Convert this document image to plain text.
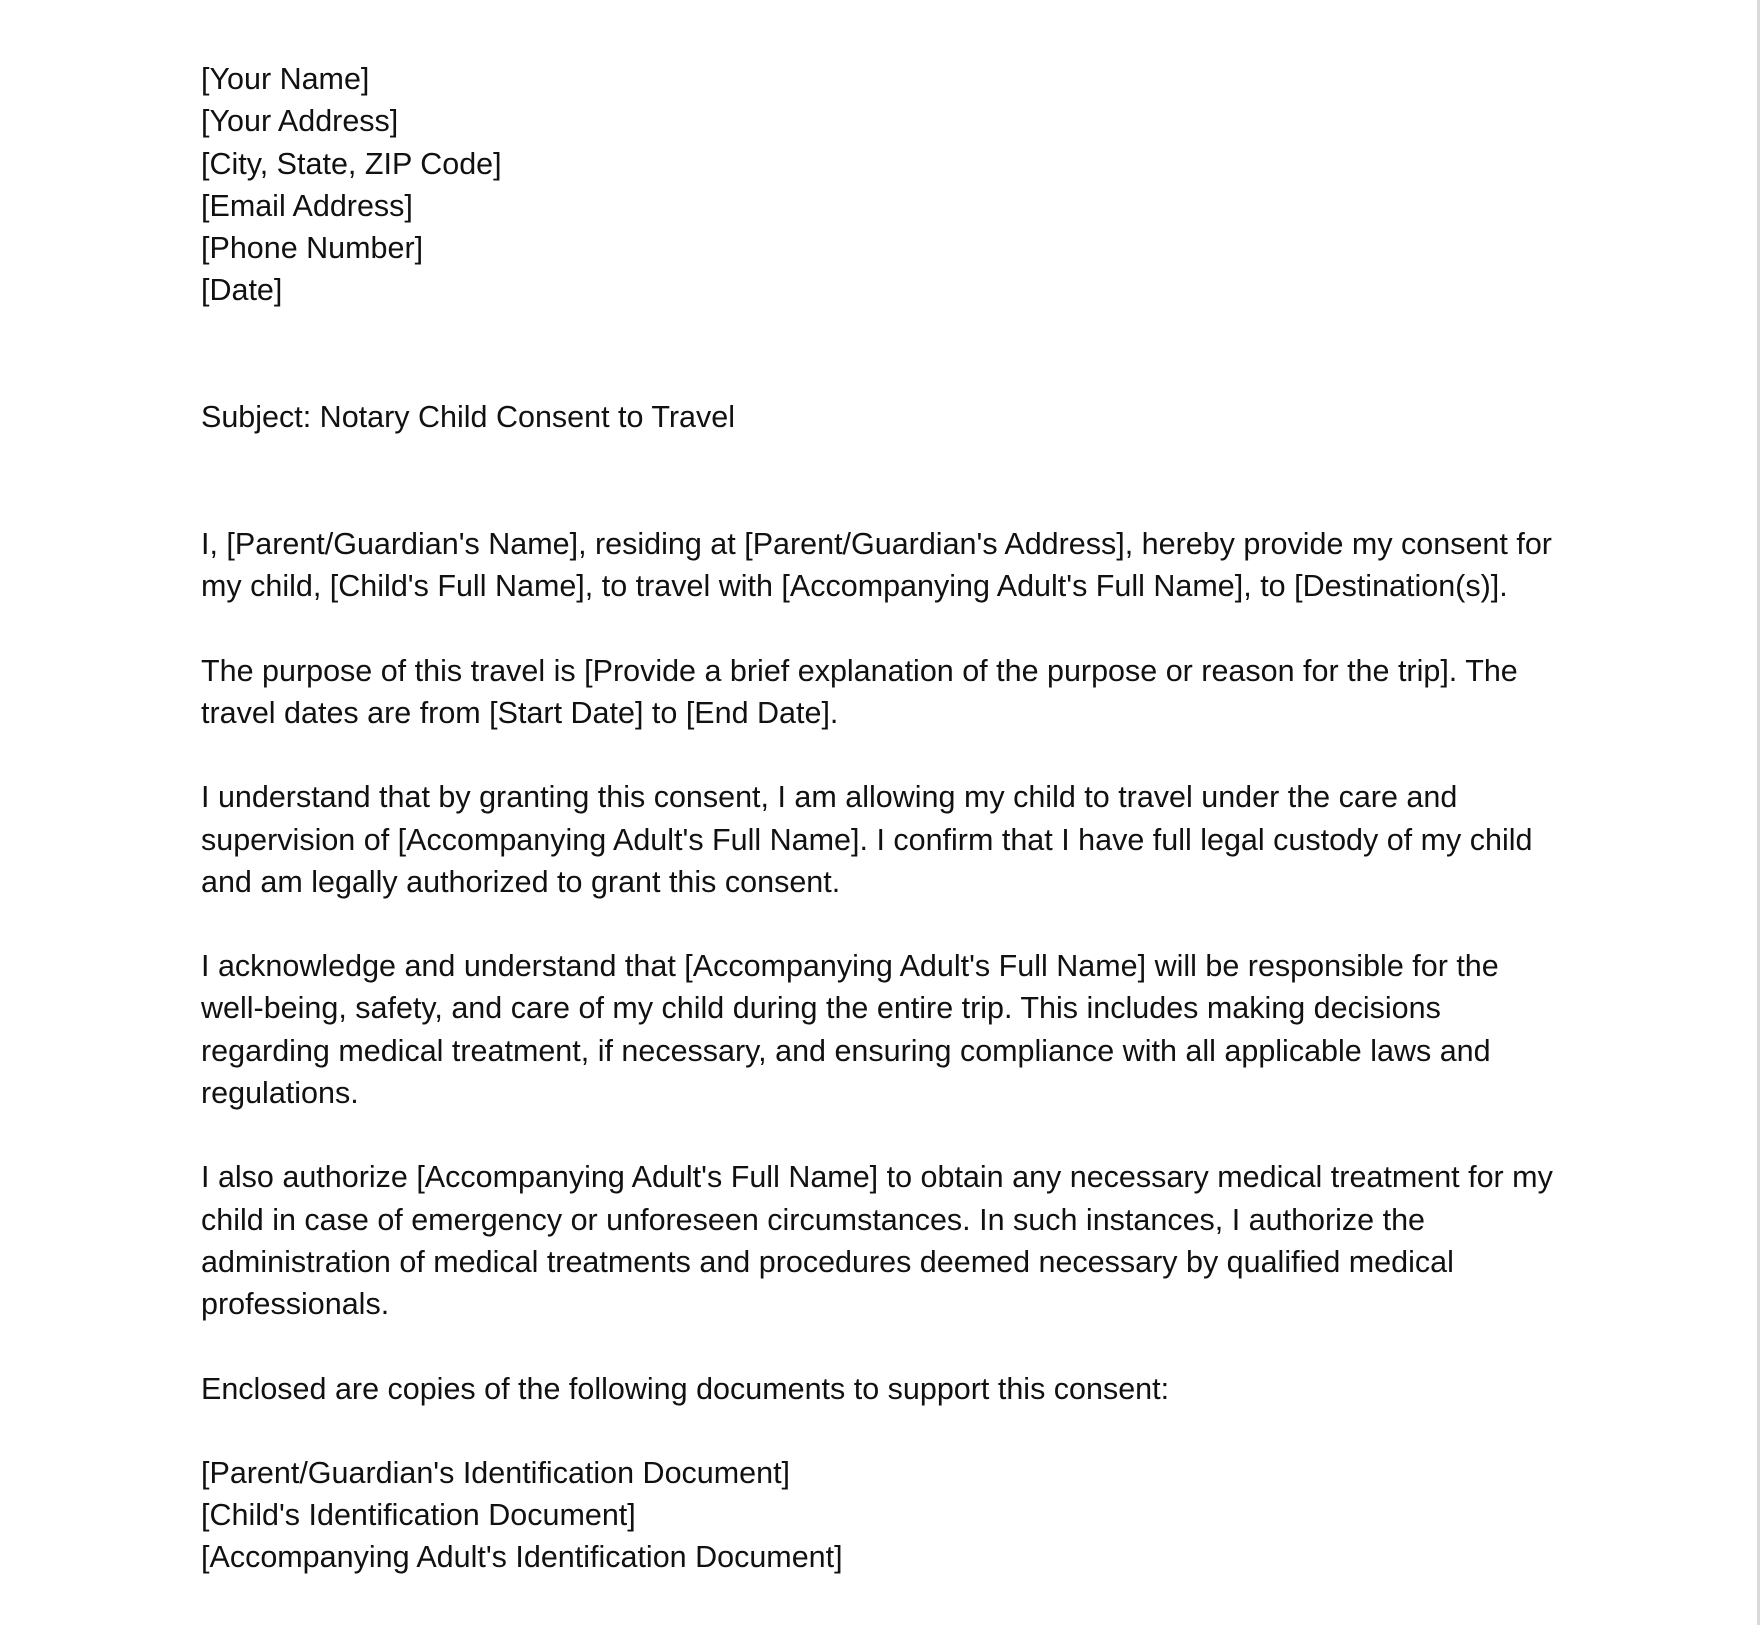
[Your Name]
[Your Address]
[City, State, ZIP Code]
[Email Address]
[Phone Number]
[Date]
Subject: Notary Child Consent to Travel

I, [Parent/Guardian's Name], residing at [Parent/Guardian's Address], hereby provide my consent for my child, [Child's Full Name], to travel with [Accompanying Adult's Full Name], to [Destination(s)].

The purpose of this travel is [Provide a brief explanation of the purpose or reason for the trip]. The travel dates are from [Start Date] to [End Date].

I understand that by granting this consent, I am allowing my child to travel under the care and supervision of [Accompanying Adult's Full Name]. I confirm that I have full legal custody of my child and am legally authorized to grant this consent.

I acknowledge and understand that [Accompanying Adult's Full Name] will be responsible for the well-being, safety, and care of my child during the entire trip. This includes making decisions regarding medical treatment, if necessary, and ensuring compliance with all applicable laws and regulations.

I also authorize [Accompanying Adult's Full Name] to obtain any necessary medical treatment for my child in case of emergency or unforeseen circumstances. In such instances, I authorize the administration of medical treatments and procedures deemed necessary by qualified medical professionals.

Enclosed are copies of the following documents to support this consent:

[Parent/Guardian's Identification Document]
[Child's Identification Document]
[Accompanying Adult's Identification Document]
